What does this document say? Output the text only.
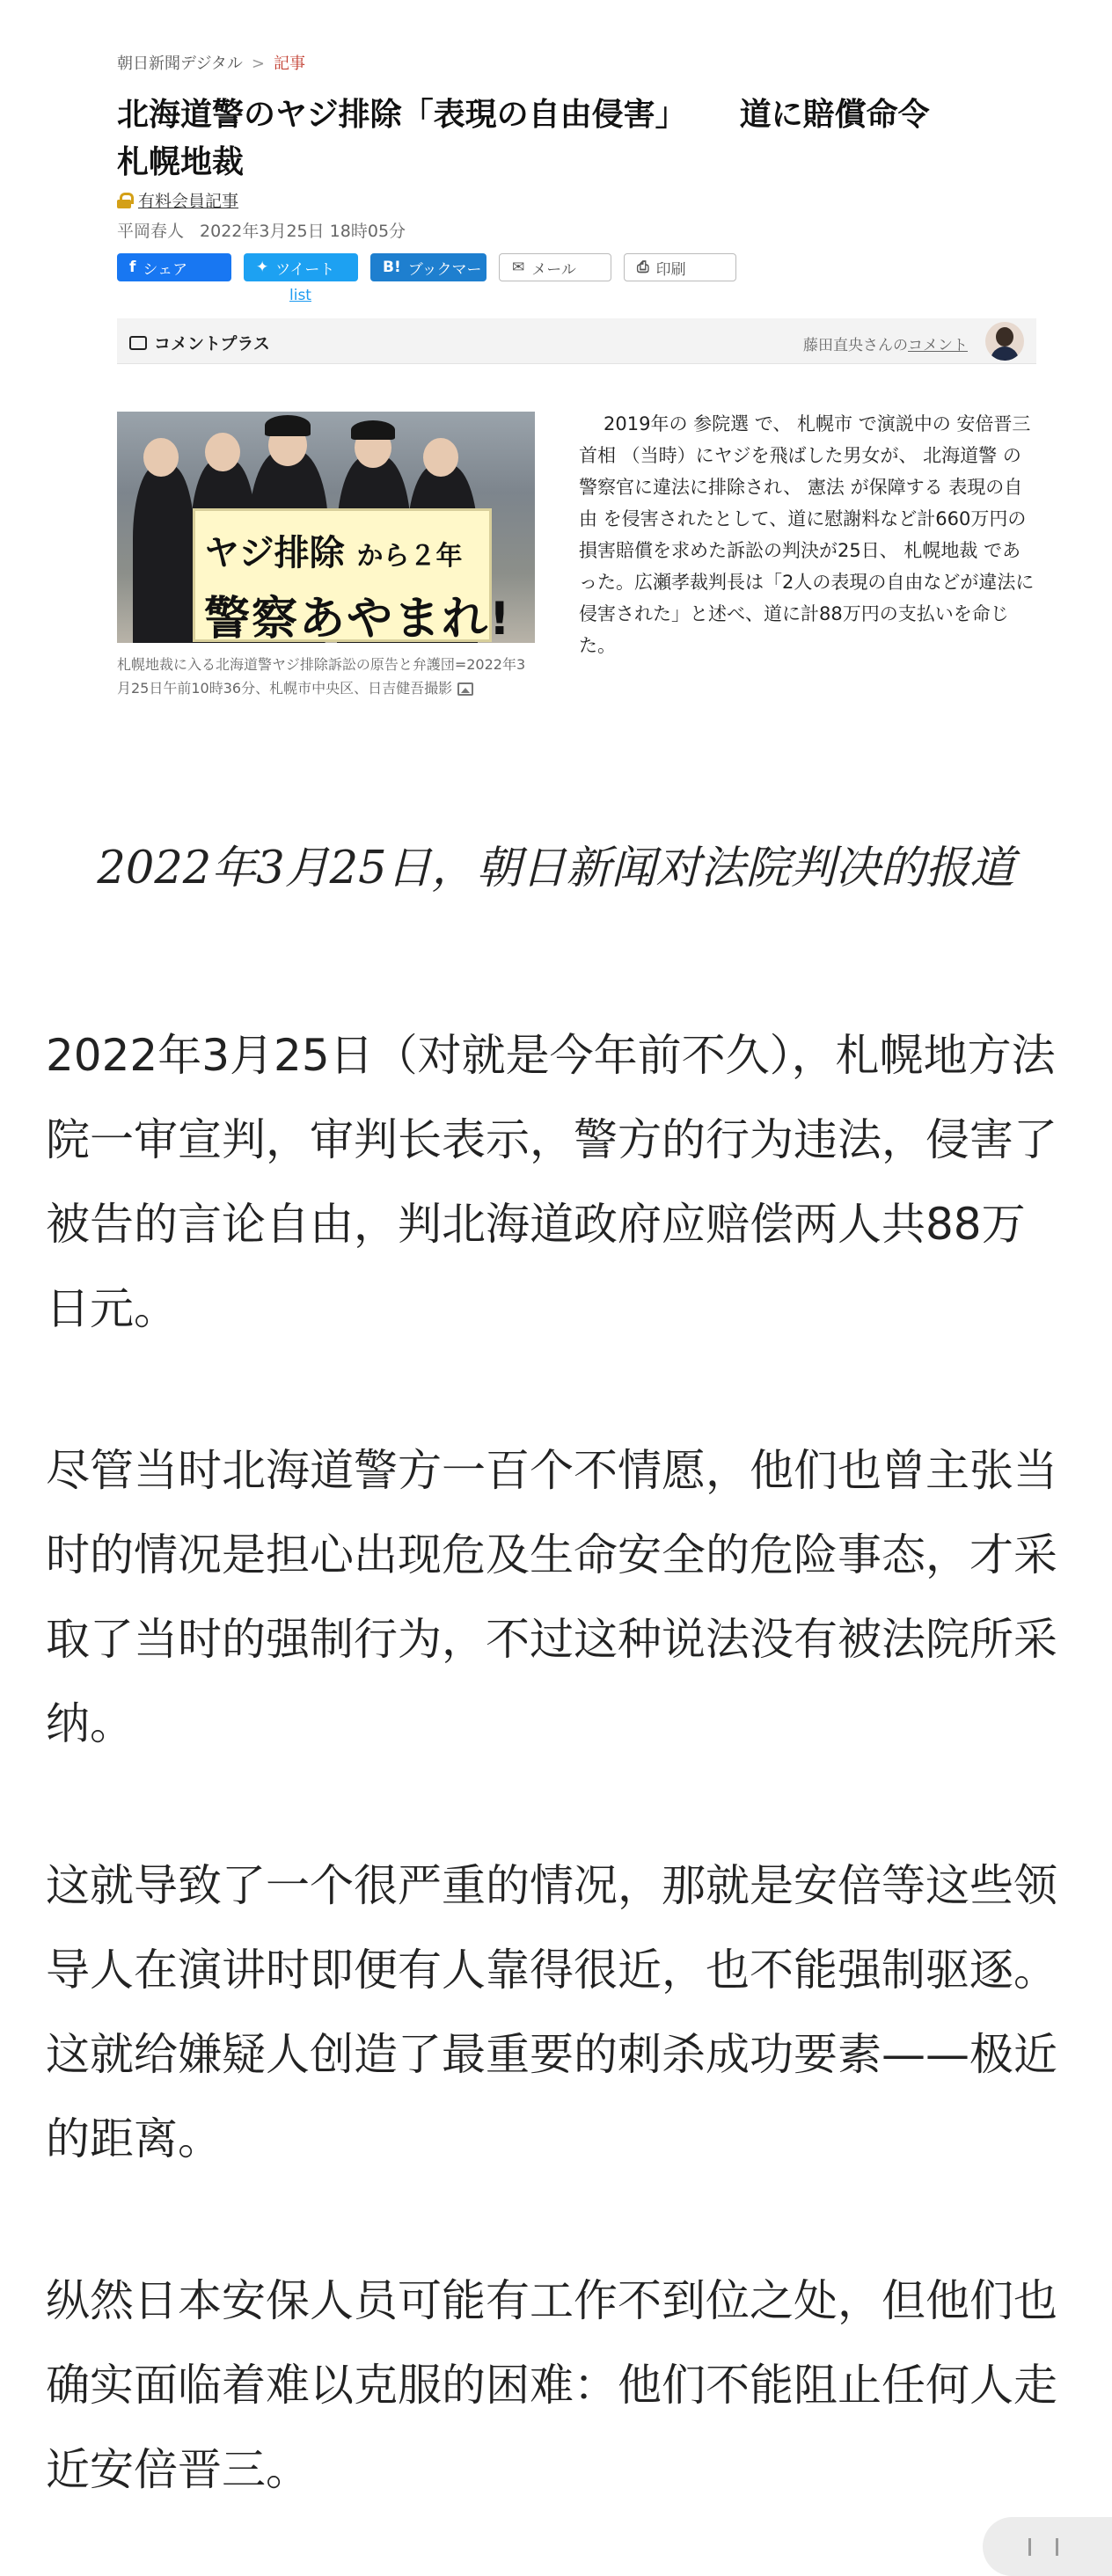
朝日新聞デジタル > 記事
北海道警のヤジ排除「表現の自由侵害」 道に賠償命令
札幌地裁
有料会員記事
平岡春人 2022年3月25日 18時05分
f シェア	✦ ツイート	B! ブックマー ✉ メール	⎙ 印刷
list
コメントプラス	藤田直央さんのコメント
ヤジ排除 から２年
警察あやまれ!
札幌地裁に入る北海道警ヤジ排除訴訟の原告と弁護団=2022年3月25日午前10時36分、札幌市中央区、日吉健吾撮影
2019年の 参院選 で、 札幌市 で演説中の 安倍晋三首相 （当時）にヤジを飛ばした男女が、 北海道警 の警察官に違法に排除され、 憲法 が保障する 表現の自由 を侵害されたとして、道に慰謝料など計660万円の損害賠償を求めた訴訟の判決が25日、 札幌地裁 であった。広瀬孝裁判長は「2人の表現の自由などが違法に侵害された」と述べ、道に計88万円の支払いを命じた。
2022年3月25日，朝日新闻对法院判决的报道
2022年3月25日（对就是今年前不久），札幌地方法院一审宣判，审判长表示，警方的行为违法，侵害了被告的言论自由，判北海道政府应赔偿两人共88万日元。
尽管当时北海道警方一百个不情愿，他们也曾主张当时的情况是担心出现危及生命安全的危险事态，才采取了当时的强制行为，不过这种说法没有被法院所采纳。
这就导致了一个很严重的情况，那就是安倍等这些领导人在演讲时即便有人靠得很近，也不能强制驱逐。这就给嫌疑人创造了最重要的刺杀成功要素——极近的距离。
纵然日本安保人员可能有工作不到位之处，但他们也确实面临着难以克服的困难：他们不能阻止任何人走近安倍晋三。
